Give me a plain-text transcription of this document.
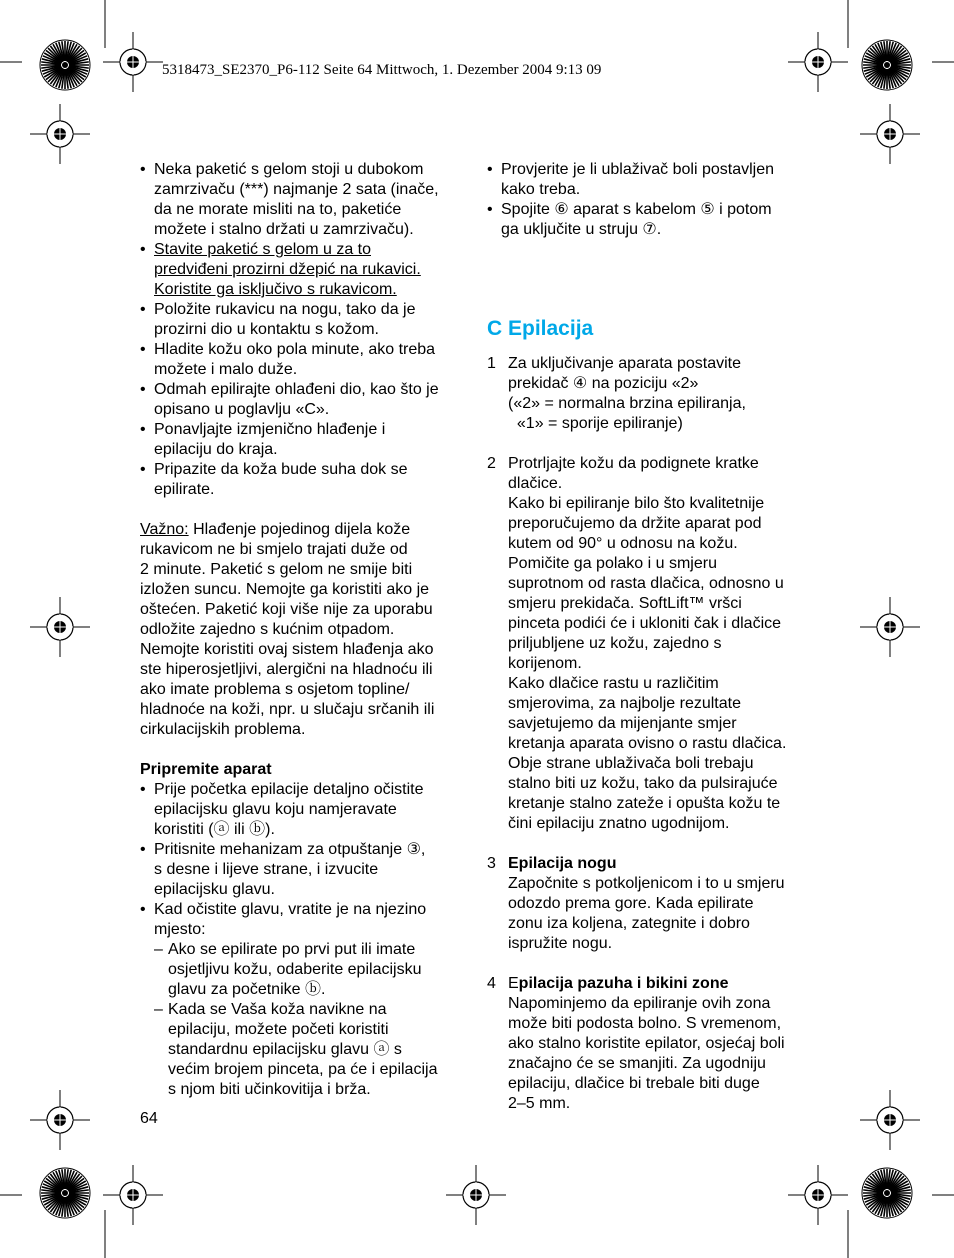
5318473_SE2370_P6-112 Seite 64 Mittwoch, 1. Dezember 2004 9:13 09
• Neka paketić s gelom stoji u dubokom
zamrzivaču (***) najmanje 2 sata (inače,
da ne morate misliti na to, paketiće
možete i stalno držati u zamrzivaču).
• Stavite paketić s gelom u za to
predviđeni prozirni džepić na rukavici.
Koristite ga isključivo s rukavicom.
• Položite rukavicu na nogu, tako da je
prozirni dio u kontaktu s kožom.
• Hladite kožu oko pola minute, ako treba
možete i malo duže.
• Odmah epilirajte ohlađeni dio, kao što je
opisano u poglavlju «C».
• Ponavljajte izmjenično hlađenje i
epilaciju do kraja.
• Pripazite da koža bude suha dok se
epilirate.
Važno: Hlađenje pojedinog dijela kože
rukavicom ne bi smjelo trajati duže od
2 minute. Paketić s gelom ne smije biti
izložen suncu. Nemojte ga koristiti ako je
oštećen. Paketić koji više nije za uporabu
odložite zajedno s kućnim otpadom.
Nemojte koristiti ovaj sistem hlađenja ako
ste hiperosjetljivi, alergični na hladnoću ili
ako imate problema s osjetom topline/
hladnoće na koži, npr. u slučaju srčanih ili
cirkulacijskih problema.
Pripremite aparat
• Prije početka epilacije detaljno očistite
epilacijsku glavu koju namjeravate
koristiti (ⓐ ili ⓑ).
• Pritisnite mehanizam za otpuštanje ③,
s desne i lijeve strane, i izvucite
epilacijsku glavu.
• Kad očistite glavu, vratite je na njezino
mjesto:
– Ako se epilirate po prvi put ili imate
osjetljivu kožu, odaberite epilacijsku
glavu za početnike ⓑ.
– Kada se Vaša koža navikne na
epilaciju, možete početi koristiti
standardnu epilacijsku glavu ⓐ s
većim brojem pinceta, pa će i epilacija
s njom biti učinkovitija i brža.
• Provjerite je li ublaživač boli postavljen
kako treba.
• Spojite ⑥ aparat s kabelom ⑤ i potom
ga uključite u struju ⑦.
C Epilacija
1 Za uključivanje aparata postavite
prekidač ④ na poziciju «2»
(«2» = normalna brzina epiliranja,
«1» = sporije epiliranje)
2 Protrljajte kožu da podignete kratke
dlačice.
Kako bi epiliranje bilo što kvalitetnije
preporučujemo da držite aparat pod
kutem od 90° u odnosu na kožu.
Pomičite ga polako i u smjeru
suprotnom od rasta dlačica, odnosno u
smjeru prekidača. SoftLift™ vršci
pinceta podići će i ukloniti čak i dlačice
priljubljene uz kožu, zajedno s
korijenom.
Kako dlačice rastu u različitim
smjerovima, za najbolje rezultate
savjetujemo da mijenjante smjer
kretanja aparata ovisno o rastu dlačica.
Obje strane ublaživača boli trebaju
stalno biti uz kožu, tako da pulsirajuće
kretanje stalno zateže i opušta kožu te
čini epilaciju znatno ugodnijom.
3 Epilacija nogu
Započnite s potkoljenicom i to u smjeru
odozdo prema gore. Kada epilirate
zonu iza koljena, zategnite i dobro
ispružite nogu.
4 Epilacija pazuha i bikini zone
Napominjemo da epiliranje ovih zona
može biti podosta bolno. S vremenom,
ako stalno koristite epilator, osjećaj boli
značajno će se smanjiti. Za ugodniju
epilaciju, dlačice bi trebale biti duge
2–5 mm.
64
